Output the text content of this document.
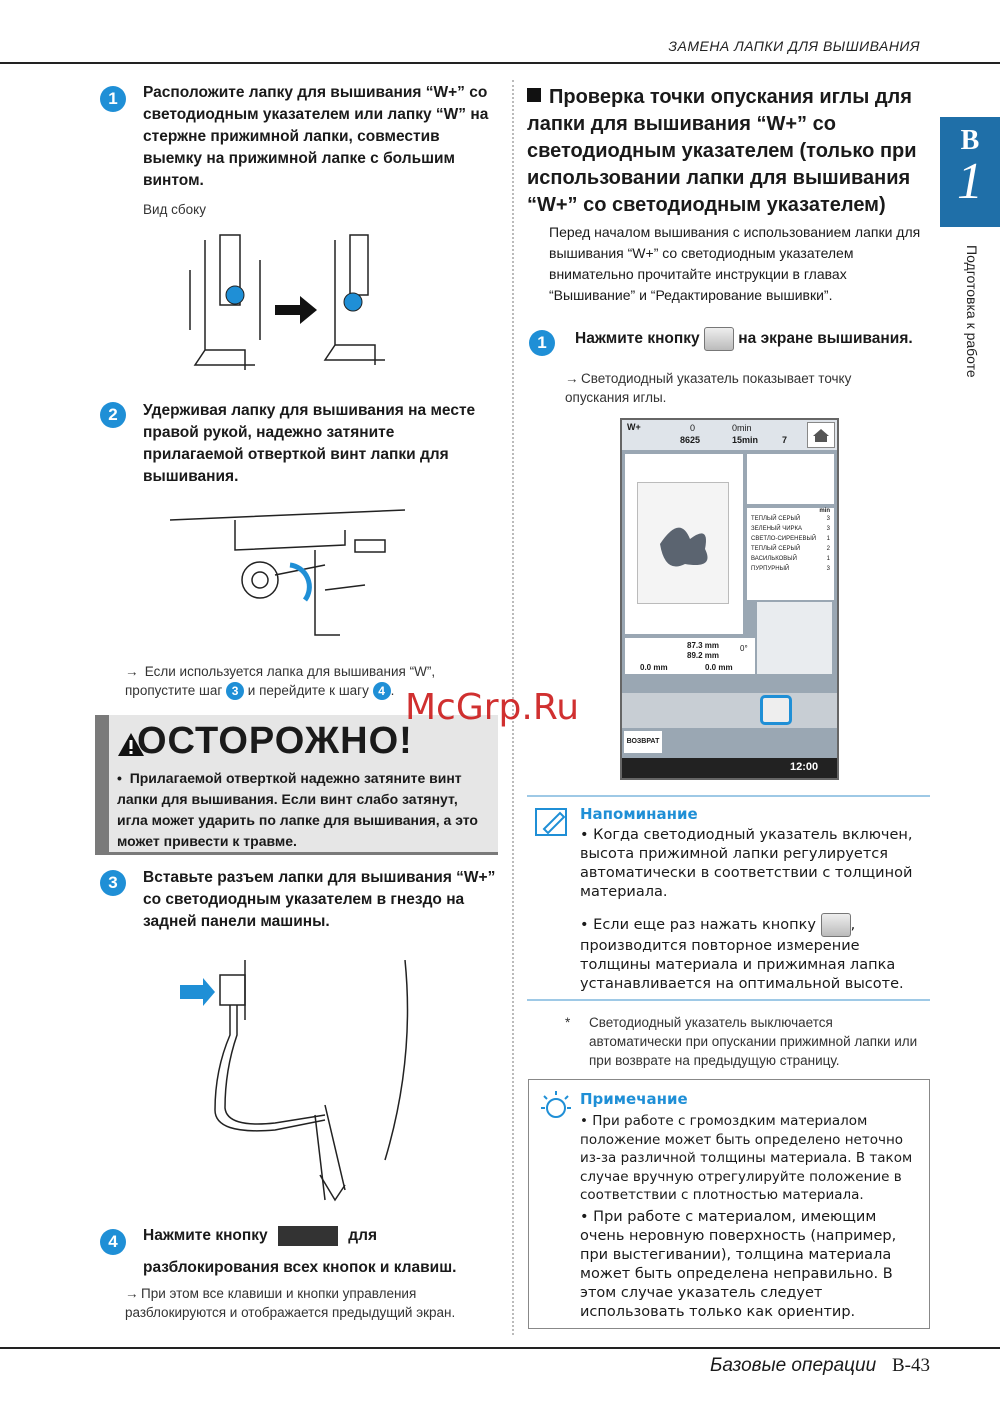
ЗАМЕНА ЛАПКИ ДЛЯ ВЫШИВАНИЯ
B
1
Подготовка к работе
1	Расположите лапку для вышивания “W+” со светодиодным указателем или лапку “W” на стержне прижимной лапки, совместив выемку на прижимной лапке с большим винтом.
Вид сбоку
2	Удерживая лапку для вышивания на месте правой рукой, надежно затяните прилагаемой отверткой винт лапки для вышивания.
→ Если используется лапка для вышивания “W”, пропустите шаг 3 и перейдите к шагу 4 .
ОСТОРОЖНО!
•  Прилагаемой отверткой надежно затяните винт лапки для вышивания. Если винт слабо затянут, игла может ударить по лапке для вышивания, а это может привести к травме.
3	Вставьте разъем лапки для вышивания “W+” со светодиодным указателем в гнездо на задней панели машины.
4	Нажмите кнопку	для
разблокирования всех кнопок и клавиш.
→ При этом все клавиши и кнопки управления разблокируются и отображается предыдущий экран.
Проверка точки опускания иглы для лапки для вышивания “W+” со светодиодным указателем (только при использовании лапки для вышивания “W+” со светодиодным указателем)
Перед началом вышивания с использованием лапки для вышивания “W+” со светодиодным указателем внимательно прочитайте инструкции в главах “Вышивание” и “Редактирование вышивки”.
1	Нажмите кнопку на экране вышивания.
→ Светодиодный указатель показывает точку опускания иглы.
W+	0
8625
0min
15min	7
min
ТЕПЛЫЙ СЕРЫЙ	3
ЗЕЛЕНЫЙ ЧИРКА	3
СВЕТЛО-СИРЕНЕВЫЙ 1
ТЕПЛЫЙ СЕРЫЙ	2
ВАСИЛЬКОВЫЙ	1
ПУРПУРНЫЙ	3
87.3 mm
89.2 mm
0°
0.0 mm	0.0 mm
ВОЗВРАТ
12:00
Напоминание
• Когда светодиодный указатель включен, высота прижимной лапки регулируется автоматически в соответствии с толщиной материала.
• Если еще раз нажать кнопку ,
производится повторное измерение толщины материала и прижимная лапка устанавливается на оптимальной высоте.
* Светодиодный указатель выключается автоматически при опускании прижимной лапки или при возврате на предыдущую страницу.
Примечание
• При работе с громоздким материалом положение может быть определено неточно из-за различной толщины материала. В таком случае вручную отрегулируйте положение в соответствии с плотностью материала.
• При работе с материалом, имеющим очень неровную поверхность (например, при выстегивании), толщина материала может быть определена неправильно. В этом случае указатель следует использовать только как ориентир.
McGrp.Ru
Базовые операции B-43
